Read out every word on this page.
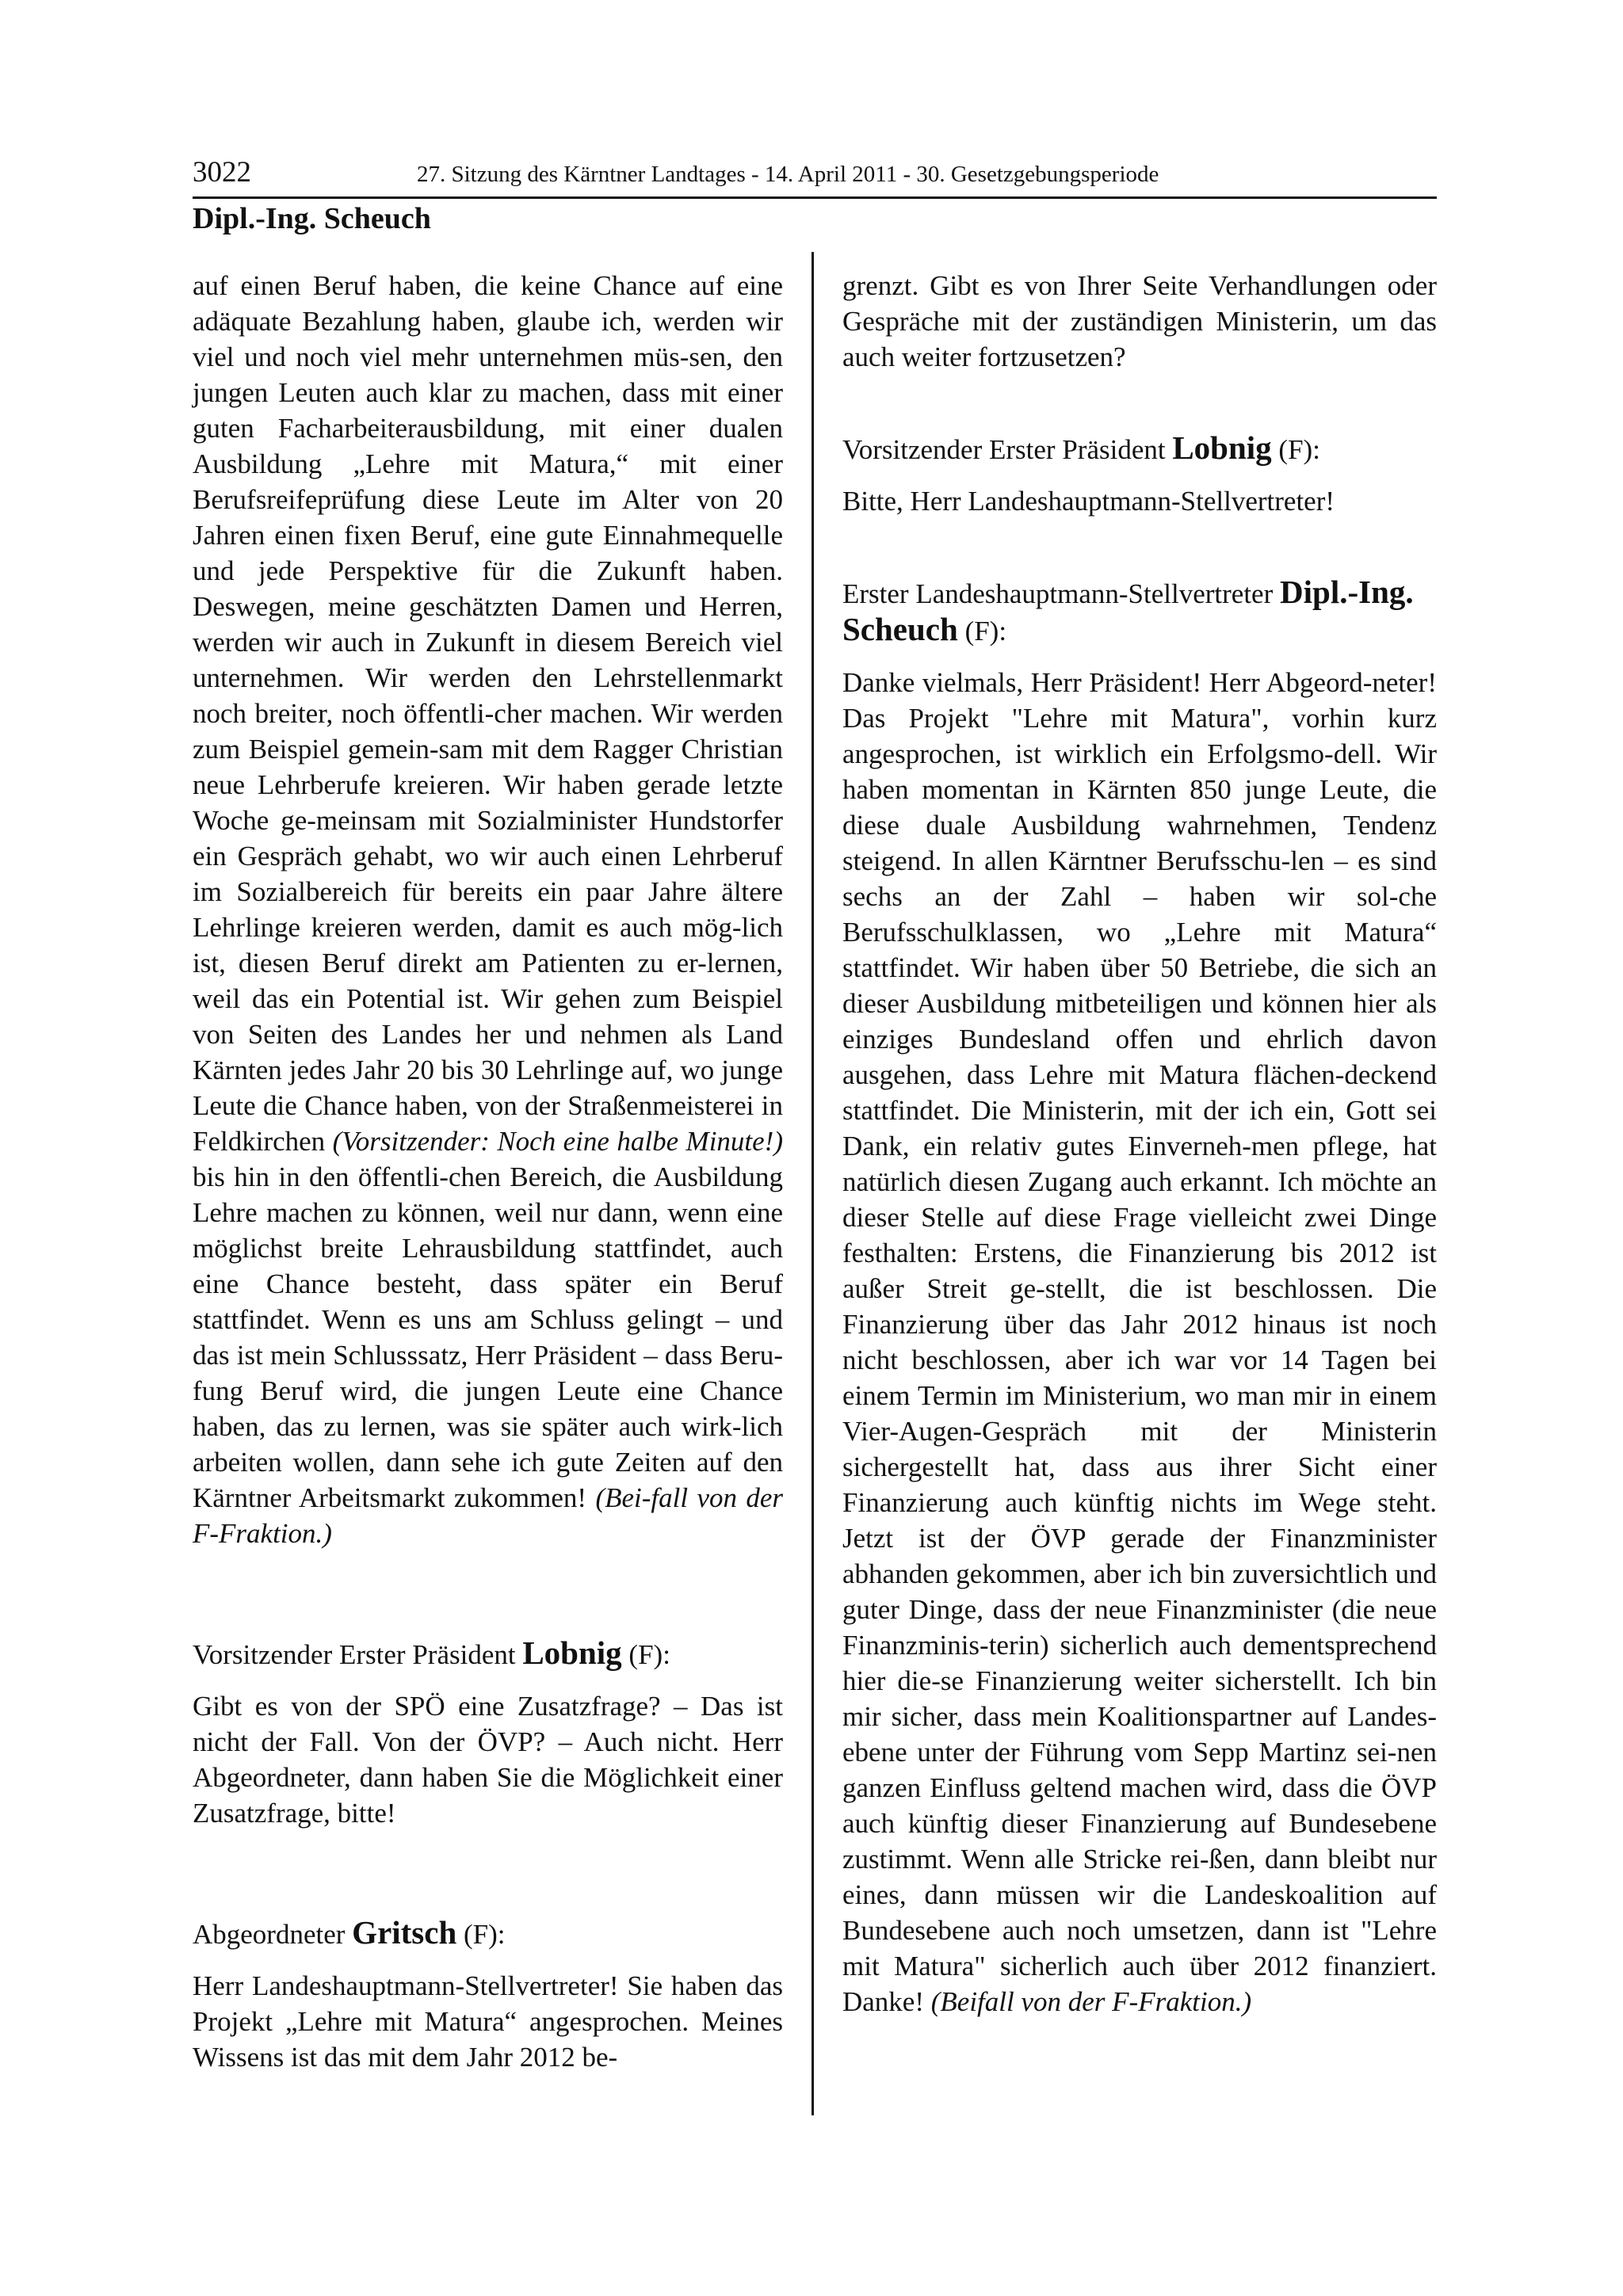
3022	27. Sitzung des Kärntner Landtages - 14. April 2011 - 30. Gesetzgebungsperiode
Dipl.-Ing. Scheuch

auf einen Beruf haben, die keine Chance auf eine adäquate Bezahlung haben, glaube ich, werden wir viel und noch viel mehr unternehmen müs-sen, den jungen Leuten auch klar zu machen, dass mit einer guten Facharbeiterausbildung, mit einer dualen Ausbildung „Lehre mit Matura,“ mit einer Berufsreifeprüfung diese Leute im Alter von 20 Jahren einen fixen Beruf, eine gute Einnahmequelle und jede Perspektive für die Zukunft haben. Deswegen, meine geschätzten Damen und Herren, werden wir auch in Zukunft in diesem Bereich viel unternehmen. Wir werden den Lehrstellenmarkt noch breiter, noch öffentli-cher machen. Wir werden zum Beispiel gemein-sam mit dem Ragger Christian neue Lehrberufe kreieren. Wir haben gerade letzte Woche ge-meinsam mit Sozialminister Hundstorfer ein Gespräch gehabt, wo wir auch einen Lehrberuf im Sozialbereich für bereits ein paar Jahre ältere Lehrlinge kreieren werden, damit es auch mög-lich ist, diesen Beruf direkt am Patienten zu er-lernen, weil das ein Potential ist. Wir gehen zum Beispiel von Seiten des Landes her und nehmen als Land Kärnten jedes Jahr 20 bis 30 Lehrlinge auf, wo junge Leute die Chance haben, von der Straßenmeisterei in Feldkirchen (Vorsitzender: Noch eine halbe Minute!) bis hin in den öffentli-chen Bereich, die Ausbildung Lehre machen zu können, weil nur dann, wenn eine möglichst breite Lehrausbildung stattfindet, auch eine Chance besteht, dass später ein Beruf stattfindet. Wenn es uns am Schluss gelingt – und das ist mein Schlusssatz, Herr Präsident – dass Beru-fung Beruf wird, die jungen Leute eine Chance haben, das zu lernen, was sie später auch wirk-lich arbeiten wollen, dann sehe ich gute Zeiten auf den Kärntner Arbeitsmarkt zukommen! (Bei-fall von der F-Fraktion.)

Vorsitzender Erster Präsident Lobnig (F):

Gibt es von der SPÖ eine Zusatzfrage? – Das ist nicht der Fall. Von der ÖVP? – Auch nicht. Herr Abgeordneter, dann haben Sie die Möglichkeit einer Zusatzfrage, bitte!

Abgeordneter Gritsch (F):

Herr Landeshauptmann-Stellvertreter! Sie haben das Projekt „Lehre mit Matura“ angesprochen. Meines Wissens ist das mit dem Jahr 2012 be-

grenzt. Gibt es von Ihrer Seite Verhandlungen oder Gespräche mit der zuständigen Ministerin, um das auch weiter fortzusetzen?

Vorsitzender Erster Präsident Lobnig (F):

Bitte, Herr Landeshauptmann-Stellvertreter!

Erster Landeshauptmann-Stellvertreter Dipl.-Ing. Scheuch (F):

Danke vielmals, Herr Präsident! Herr Abgeord-neter! Das Projekt "Lehre mit Matura", vorhin kurz angesprochen, ist wirklich ein Erfolgsmo-dell. Wir haben momentan in Kärnten 850 junge Leute, die diese duale Ausbildung wahrnehmen, Tendenz steigend. In allen Kärntner Berufsschu-len – es sind sechs an der Zahl – haben wir sol-che Berufsschulklassen, wo „Lehre mit Matura“ stattfindet. Wir haben über 50 Betriebe, die sich an dieser Ausbildung mitbeteiligen und können hier als einziges Bundesland offen und ehrlich davon ausgehen, dass Lehre mit Matura flächen-deckend stattfindet. Die Ministerin, mit der ich ein, Gott sei Dank, ein relativ gutes Einverneh-men pflege, hat natürlich diesen Zugang auch erkannt. Ich möchte an dieser Stelle auf diese Frage vielleicht zwei Dinge festhalten: Erstens, die Finanzierung bis 2012 ist außer Streit ge-stellt, die ist beschlossen. Die Finanzierung über das Jahr 2012 hinaus ist noch nicht beschlossen, aber ich war vor 14 Tagen bei einem Termin im Ministerium, wo man mir in einem Vier-Augen-Gespräch mit der Ministerin sichergestellt hat, dass aus ihrer Sicht einer Finanzierung auch künftig nichts im Wege steht. Jetzt ist der ÖVP gerade der Finanzminister abhanden gekommen, aber ich bin zuversichtlich und guter Dinge, dass der neue Finanzminister (die neue Finanzminis-terin) sicherlich auch dementsprechend hier die-se Finanzierung weiter sicherstellt. Ich bin mir sicher, dass mein Koalitionspartner auf Landes-ebene unter der Führung vom Sepp Martinz sei-nen ganzen Einfluss geltend machen wird, dass die ÖVP auch künftig dieser Finanzierung auf Bundesebene zustimmt. Wenn alle Stricke rei-ßen, dann bleibt nur eines, dann müssen wir die Landeskoalition auf Bundesebene auch noch umsetzen, dann ist "Lehre mit Matura" sicherlich auch über 2012 finanziert. Danke! (Beifall von der F-Fraktion.)
